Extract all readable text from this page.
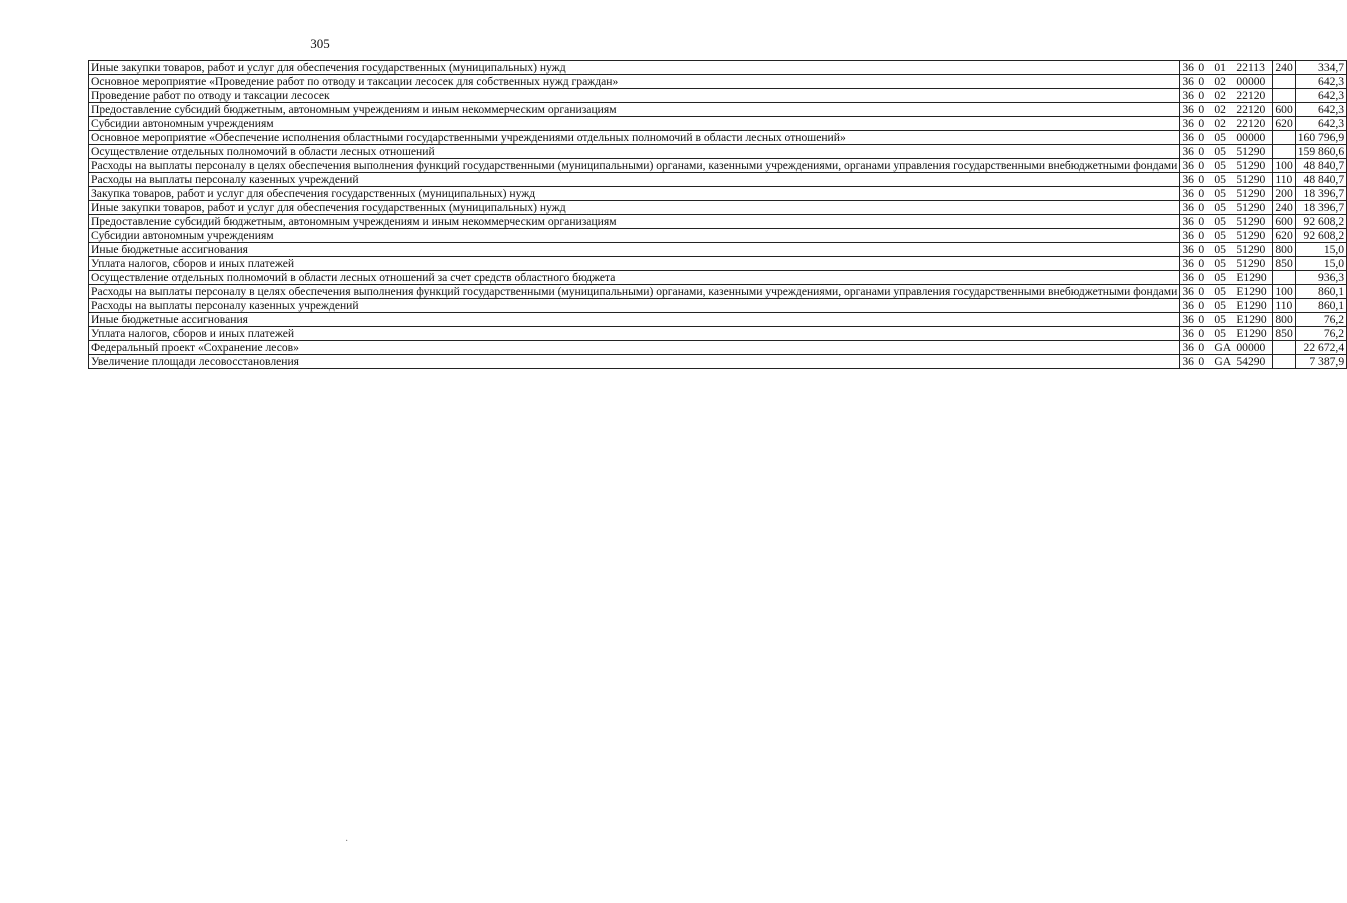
305
Иные закупки товаров, работ и услуг для обеспечения государственных (муниципальных) нужд	36 0 01 22113	240	334,7
Основное мероприятие «Проведение работ по отводу и таксации лесосек для собственных нужд граждан»	36 0 02 00000		642,3
Проведение работ по отводу и таксации лесосек	36 0 02 22120		642,3
Предоставление субсидий бюджетным, автономным учреждениям и иным некоммерческим организациям	36 0 02 22120	600	642,3
Субсидии автономным учреждениям	36 0 02 22120	620	642,3
Основное мероприятие «Обеспечение исполнения областными государственными учреждениями отдельных полномочий в области лесных отношений»	36 0 05 00000		160 796,9
Осуществление отдельных полномочий в области лесных отношений	36 0 05 51290		159 860,6
Расходы на выплаты персоналу в целях обеспечения выполнения функций государственными (муниципальными) органами, казенными учреждениями, органами управления государственными внебюджетными фондами	36 0 05 51290	100	48 840,7
Расходы на выплаты персоналу казенных учреждений	36 0 05 51290	110	48 840,7
Закупка товаров, работ и услуг для обеспечения государственных (муниципальных) нужд	36 0 05 51290	200	18 396,7
Иные закупки товаров, работ и услуг для обеспечения государственных (муниципальных) нужд	36 0 05 51290	240	18 396,7
Предоставление субсидий бюджетным, автономным учреждениям и иным некоммерческим организациям	36 0 05 51290	600	92 608,2
Субсидии автономным учреждениям	36 0 05 51290	620	92 608,2
Иные бюджетные ассигнования	36 0 05 51290	800	15,0
Уплата налогов, сборов и иных платежей	36 0 05 51290	850	15,0
Осуществление отдельных полномочий в области лесных отношений за счет средств областного бюджета	36 0 05 E1290		936,3
Расходы на выплаты персоналу в целях обеспечения выполнения функций государственными (муниципальными) органами, казенными учреждениями, органами управления государственными внебюджетными фондами	36 0 05 E1290	100	860,1
Расходы на выплаты персоналу казенных учреждений	36 0 05 E1290	110	860,1
Иные бюджетные ассигнования	36 0 05 E1290	800	76,2
Уплата налогов, сборов и иных платежей	36 0 05 E1290	850	76,2
Федеральный проект «Сохранение лесов»	36 0 GA 00000		22 672,4
Увеличение площади лесовосстановления	36 0 GA 54290		7 387,9
·
